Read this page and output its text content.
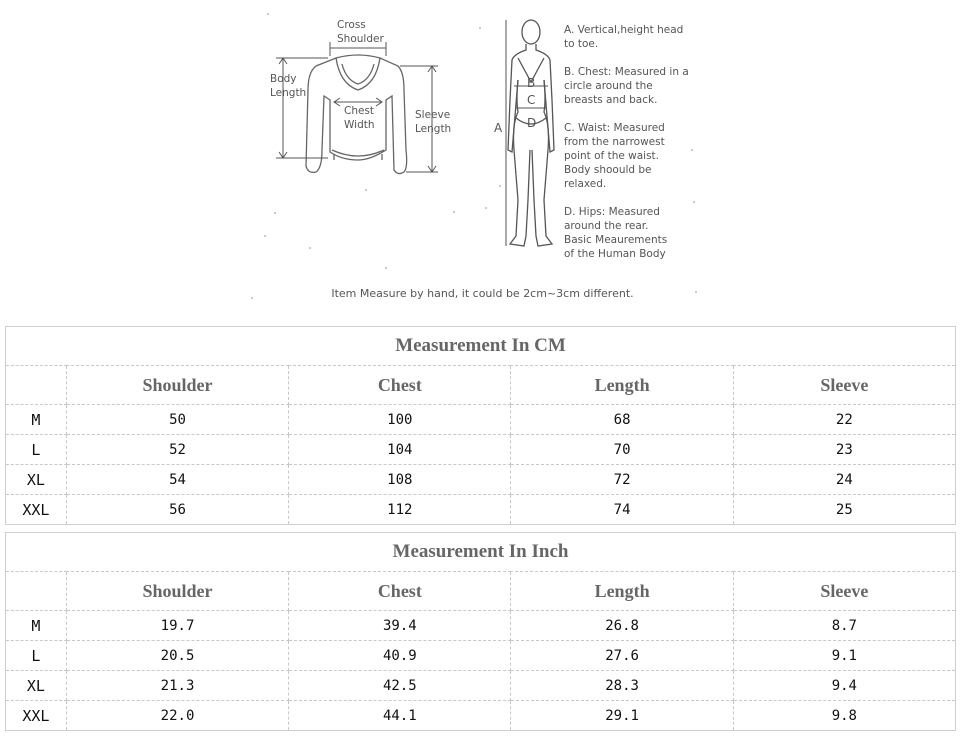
Cross
Shoulder
Body
Length
Chest
Width
Sleeve
Length	A
B
C
D
A. Vertical,height head
to toe.
B. Chest: Measured in a
circle around the
breasts and back.
C. Waist: Measured
from the narrowest
point of the waist.
Body shoould be
relaxed.
D. Hips: Measured
around the rear.
Basic Meaurements
of the Human Body
Item Measure by hand, it could be 2cm~3cm different.
Measurement In CM				
	Shoulder	Chest	Length	Sleeve
M	50	100	68	22
L	52	104	70	23
XL	54	108	72	24
XXL	56	112	74	25
Measurement In Inch				
	Shoulder	Chest	Length	Sleeve
M	19.7	39.4	26.8	8.7
L	20.5	40.9	27.6	9.1
XL	21.3	42.5	28.3	9.4
XXL	22.0	44.1	29.1	9.8
